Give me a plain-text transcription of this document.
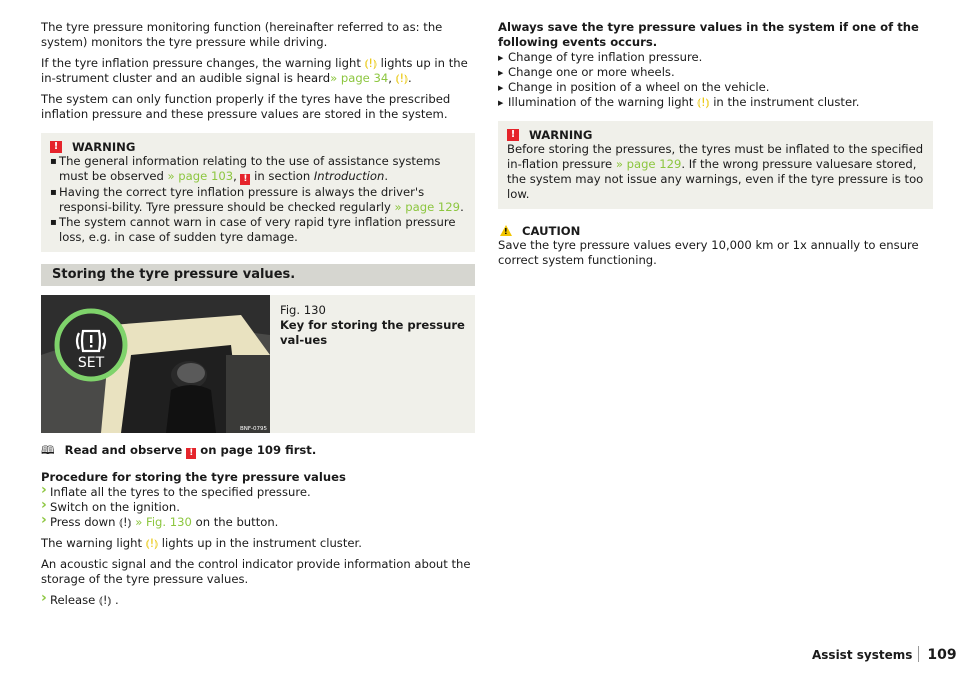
The tyre pressure monitoring function (hereinafter referred to as: the system) monitors the tyre pressure while driving.

If the tyre inflation pressure changes, the warning light ⦅!⦆ lights up in the in-strument cluster and an audible signal is heard» page 34, ⦅!⦆.

The system can only function properly if the tyres have the prescribed inflation pressure and these pressure values are stored in the system.

!	WARNING

▪ The general information relating to the use of assistance systems must be observed » page 103, ! in section Introduction.

▪ Having the correct tyre inflation pressure is always the driver's responsi-bility. Tyre pressure should be checked regularly » page 129.

▪ The system cannot warn in case of very rapid tyre inflation pressure loss, e.g. in case of sudden tyre damage.

Storing the tyre pressure values.
SET
BNF-0795

Fig. 130

Key for storing the pressure val-ues

🕮 Read and observe ! on page 109 first.

Procedure for storing the tyre pressure values

› Inflate all the tyres to the specified pressure.

› Switch on the ignition.

› Press down ⦅!⦆ » Fig. 130 on the button.

The warning light ⦅!⦆ lights up in the instrument cluster.

An acoustic signal and the control indicator provide information about the storage of the tyre pressure values.

› Release ⦅!⦆ .

Always save the tyre pressure values in the system if one of the following events occurs.

▶ Change of tyre inflation pressure.

▶ Change one or more wheels.

▶ Change in position of a wheel on the vehicle.

▶ Illumination of the warning light ⦅!⦆ in the instrument cluster.

!	WARNING

Before storing the pressures, the tyres must be inflated to the specified in-flation pressure » page 129. If the wrong pressure valuesare stored, the system may not issue any warnings, even if the tyre pressure is too low.

! CAUTION

Save the tyre pressure values every 10,000 km or 1x annually to ensure correct system functioning.

Assist systems 109
